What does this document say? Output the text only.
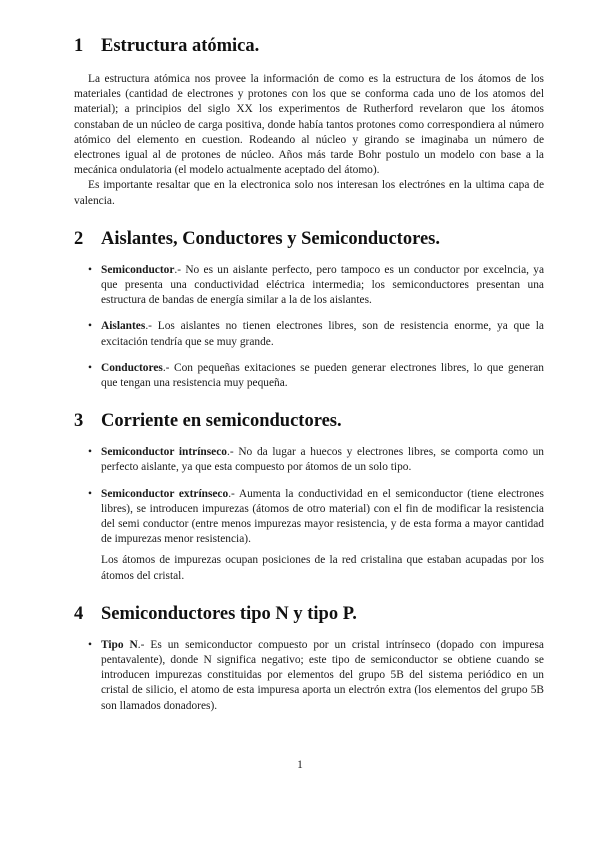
1 Estructura atómica.

La estructura atómica nos provee la información de como es la estructura de los átomos de los materiales (cantidad de electrones y protones con los que se conforma cada uno de los atomos del material); a principios del siglo XX los experimentos de Rutherford revelaron que los átomos constaban de un núcleo de carga positiva, donde había tantos protones como correspondiera al número atómico del elemento en cuestion. Rodeando al núcleo y girando se imaginaba un número de electrones igual al de protones de núcleo. Años más tarde Bohr postulo un modelo con base a la mecánica ondulatoria (el modelo actualmente aceptado del átomo).

Es importante resaltar que en la electronica solo nos interesan los electrónes en la ultima capa de valencia.

2 Aislantes, Conductores y Semiconductores.
• Semiconductor.- No es un aislante perfecto, pero tampoco es un conductor por excelncia, ya que presenta una conductividad eléctrica intermedia; los semiconductores presentan una estructura de bandas de energía similar a la de los aislantes.
• Aislantes.- Los aislantes no tienen electrones libres, son de resistencia enorme, ya que la excitación tendría que se muy grande.
• Conductores.- Con pequeñas exitaciones se pueden generar electrones libres, lo que generan que tengan una resistencia muy pequeña.
3 Corriente en semiconductores.
• Semiconductor intrínseco.- No da lugar a huecos y electrones libres, se comporta como un perfecto aislante, ya que esta compuesto por átomos de un solo tipo.
• Semiconductor extrínseco.- Aumenta la conductividad en el semiconductor (tiene electrones libres), se introducen impurezas (átomos de otro material) con el fin de modificar la resistencia del semi conductor (entre menos impurezas mayor resistencia, y de esta forma a mayor cantidad de impurezas menor resistencia).

Los átomos de impurezas ocupan posiciones de la red cristalina que estaban acupadas por los átomos del cristal.

4 Semiconductores tipo N y tipo P.
• Tipo N.- Es un semiconductor compuesto por un cristal intrínseco (dopado con impuresa pentavalente), donde N significa negativo; este tipo de semiconductor se obtiene cuando se introducen impurezas constituidas por elementos del grupo 5B del sistema periódico en un cristal de silicio, el atomo de esta impuresa aporta un electrón extra (los elementos del grupo 5B son llamados donadores).
1
